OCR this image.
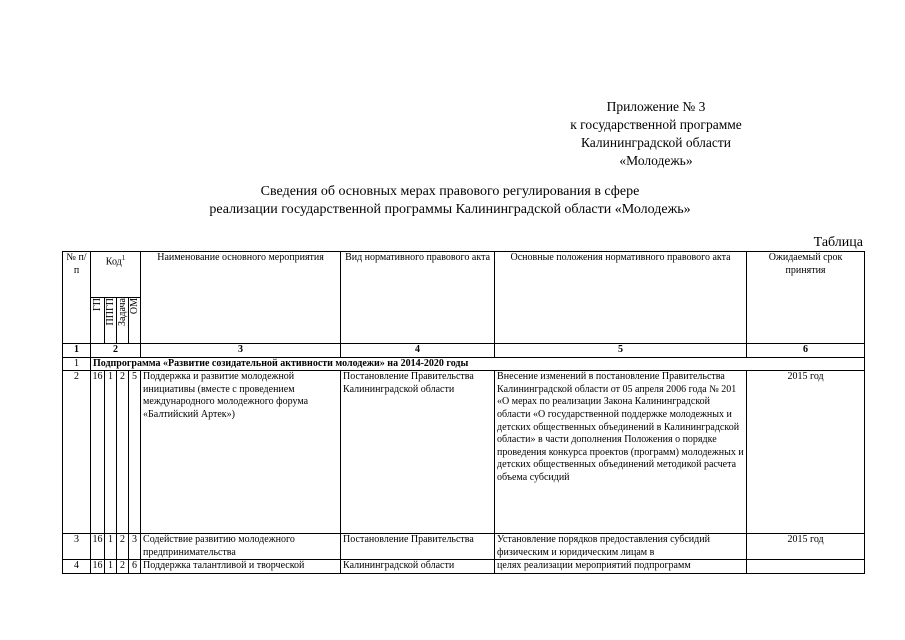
Приложение № 3
к государственной программе
Калининградской области
«Молодежь»
Сведения об основных мерах правового регулирования в сфере
реализации государственной программы Калининградской области «Молодежь»
Таблица
№ п/п	Код$^1$				Наименование основного мероприятия	Вид нормативного правового акта	Основные положения нормативного правового акта	Ожидаемый срок принятия
	ГП	ППГП	Задача	ОМ				
1	2				3	4	5	6
1	Подпрограмма «Развитие созидательной активности молодежи» на 2014-2020 годы							
2	16	1	2	5	Поддержка и развитие молодежной инициативы (вместе с проведением международного молодежного форума «Балтийский Артек»)	Постановление Правительства Калининградской области	Внесение изменений в постановление Правительства Калининградской области от 05 апреля 2006 года № 201 «О мерах по реализации Закона Калининградской области «О государственной поддержке молодежных и детских общественных объединений в Калининградской области» в части дополнения Положения о порядке проведения конкурса проектов (программ) молодежных и детских общественных объединений методикой расчета объема субсидий	2015 год
3	16	1	2	3	Содействие развитию молодежного предпринимательства	Постановление Правительства	Установление порядков предоставления субсидий физическим и юридическим лицам в	2015 год
4	16	1	2	6	Поддержка талантливой и творческой	Калининградской области	целях реализации мероприятий подпрограмм	
